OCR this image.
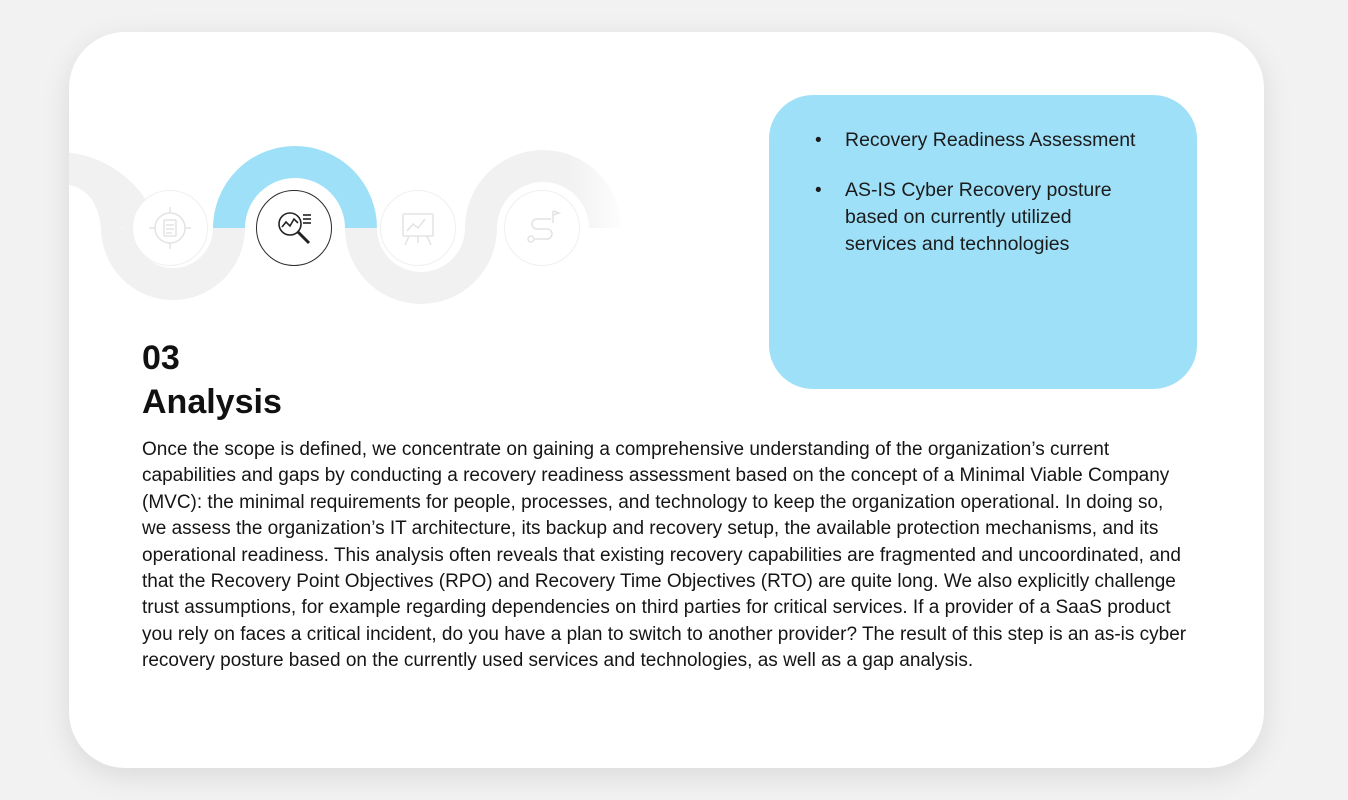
• Recovery Readiness Assessment
• AS-IS Cyber Recovery posture based on currently utilized services and technologies
03
Analysis

Once the scope is defined, we concentrate on gaining a comprehensive understanding of the organization’s current capabilities and gaps by conducting a recovery readiness assessment based on the concept of a Minimal Viable Company (MVC): the minimal requirements for people, processes, and technology to keep the organization operational. In doing so, we assess the organization’s IT architecture, its backup and recovery setup, the available protection mechanisms, and its operational readiness. This analysis often reveals that existing recovery capabilities are fragmented and uncoordinated, and that the Recovery Point Objectives (RPO) and Recovery Time Objectives (RTO) are quite long. We also explicitly challenge trust assumptions, for example regarding dependencies on third parties for critical services. If a provider of a SaaS product you rely on faces a critical incident, do you have a plan to switch to another provider? The result of this step is an as-is cyber recovery posture based on the currently used services and technologies, as well as a gap analysis.
